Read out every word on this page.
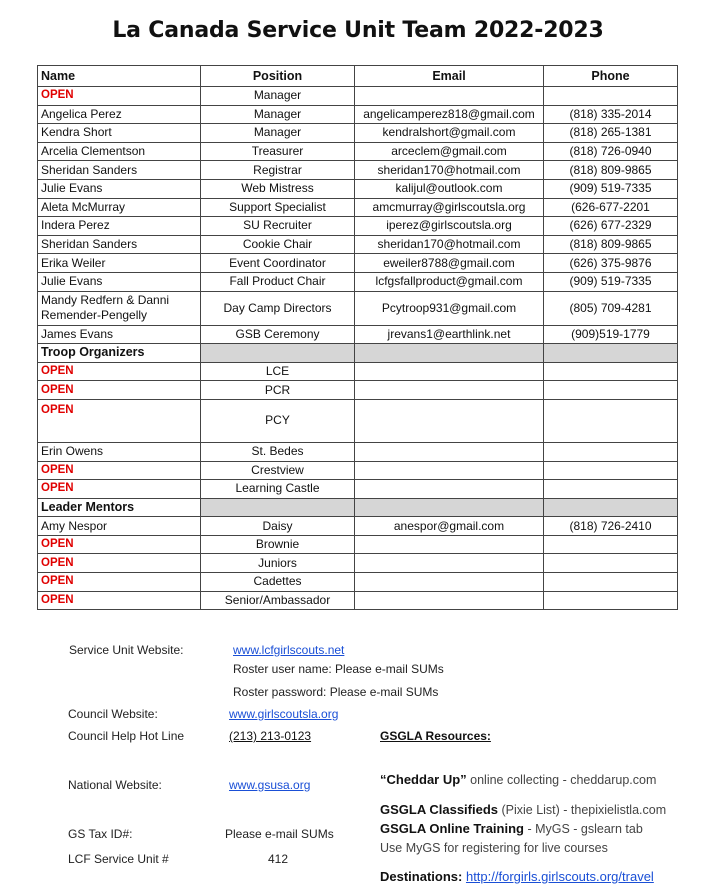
La Canada Service Unit Team 2022-2023
Name	Position	Email	Phone
OPEN	Manager		
Angelica Perez	Manager	angelicamperez818@gmail.com	(818) 335-2014
Kendra Short	Manager	kendralshort@gmail.com	(818) 265-1381
Arcelia Clementson	Treasurer	arceclem@gmail.com	(818) 726-0940
Sheridan Sanders	Registrar	sheridan170@hotmail.com	(818) 809-9865
Julie Evans	Web Mistress	kalijul@outlook.com	(909) 519-7335
Aleta McMurray	Support Specialist	amcmurray@girlscoutsla.org	(626-677-2201
Indera Perez	SU Recruiter	iperez@girlscoutsla.org	(626) 677-2329
Sheridan Sanders	Cookie Chair	sheridan170@hotmail.com	(818) 809-9865
Erika Weiler	Event Coordinator	eweiler8788@gmail.com	(626) 375-9876
Julie Evans	Fall Product Chair	lcfgsfallproduct@gmail.com	(909) 519-7335
Mandy Redfern & Danni Remender-Pengelly	Day Camp Directors	Pcytroop931@gmail.com	(805) 709-4281
James Evans	GSB Ceremony	jrevans1@earthlink.net	(909)519-1779
Troop Organizers			
OPEN	LCE		
OPEN	PCR		
OPEN	PCY		
Erin Owens	St. Bedes		
OPEN	Crestview		
OPEN	Learning Castle		
Leader Mentors			
Amy Nespor	Daisy	anespor@gmail.com	(818) 726-2410
OPEN	Brownie		
OPEN	Juniors		
OPEN	Cadettes		
OPEN	Senior/Ambassador		
Service Unit Website:	www.lcfgirlscouts.net
Roster user name: Please e-mail SUMs
Roster password: Please e-mail SUMs
Council Website:	www.girlscoutsla.org
Council Help Hot Line	(213) 213-0123
National Website:	www.gsusa.org
GS Tax ID#:	Please e-mail SUMs
LCF Service Unit #	412
GSGLA Resources:
“Cheddar Up” online collecting - cheddarup.com
GSGLA Classifieds (Pixie List) - thepixielistla.com
GSGLA Online Training - MyGS - gslearn tab
Use MyGS for registering for live courses
Destinations: http://forgirls.girlscouts.org/travel
